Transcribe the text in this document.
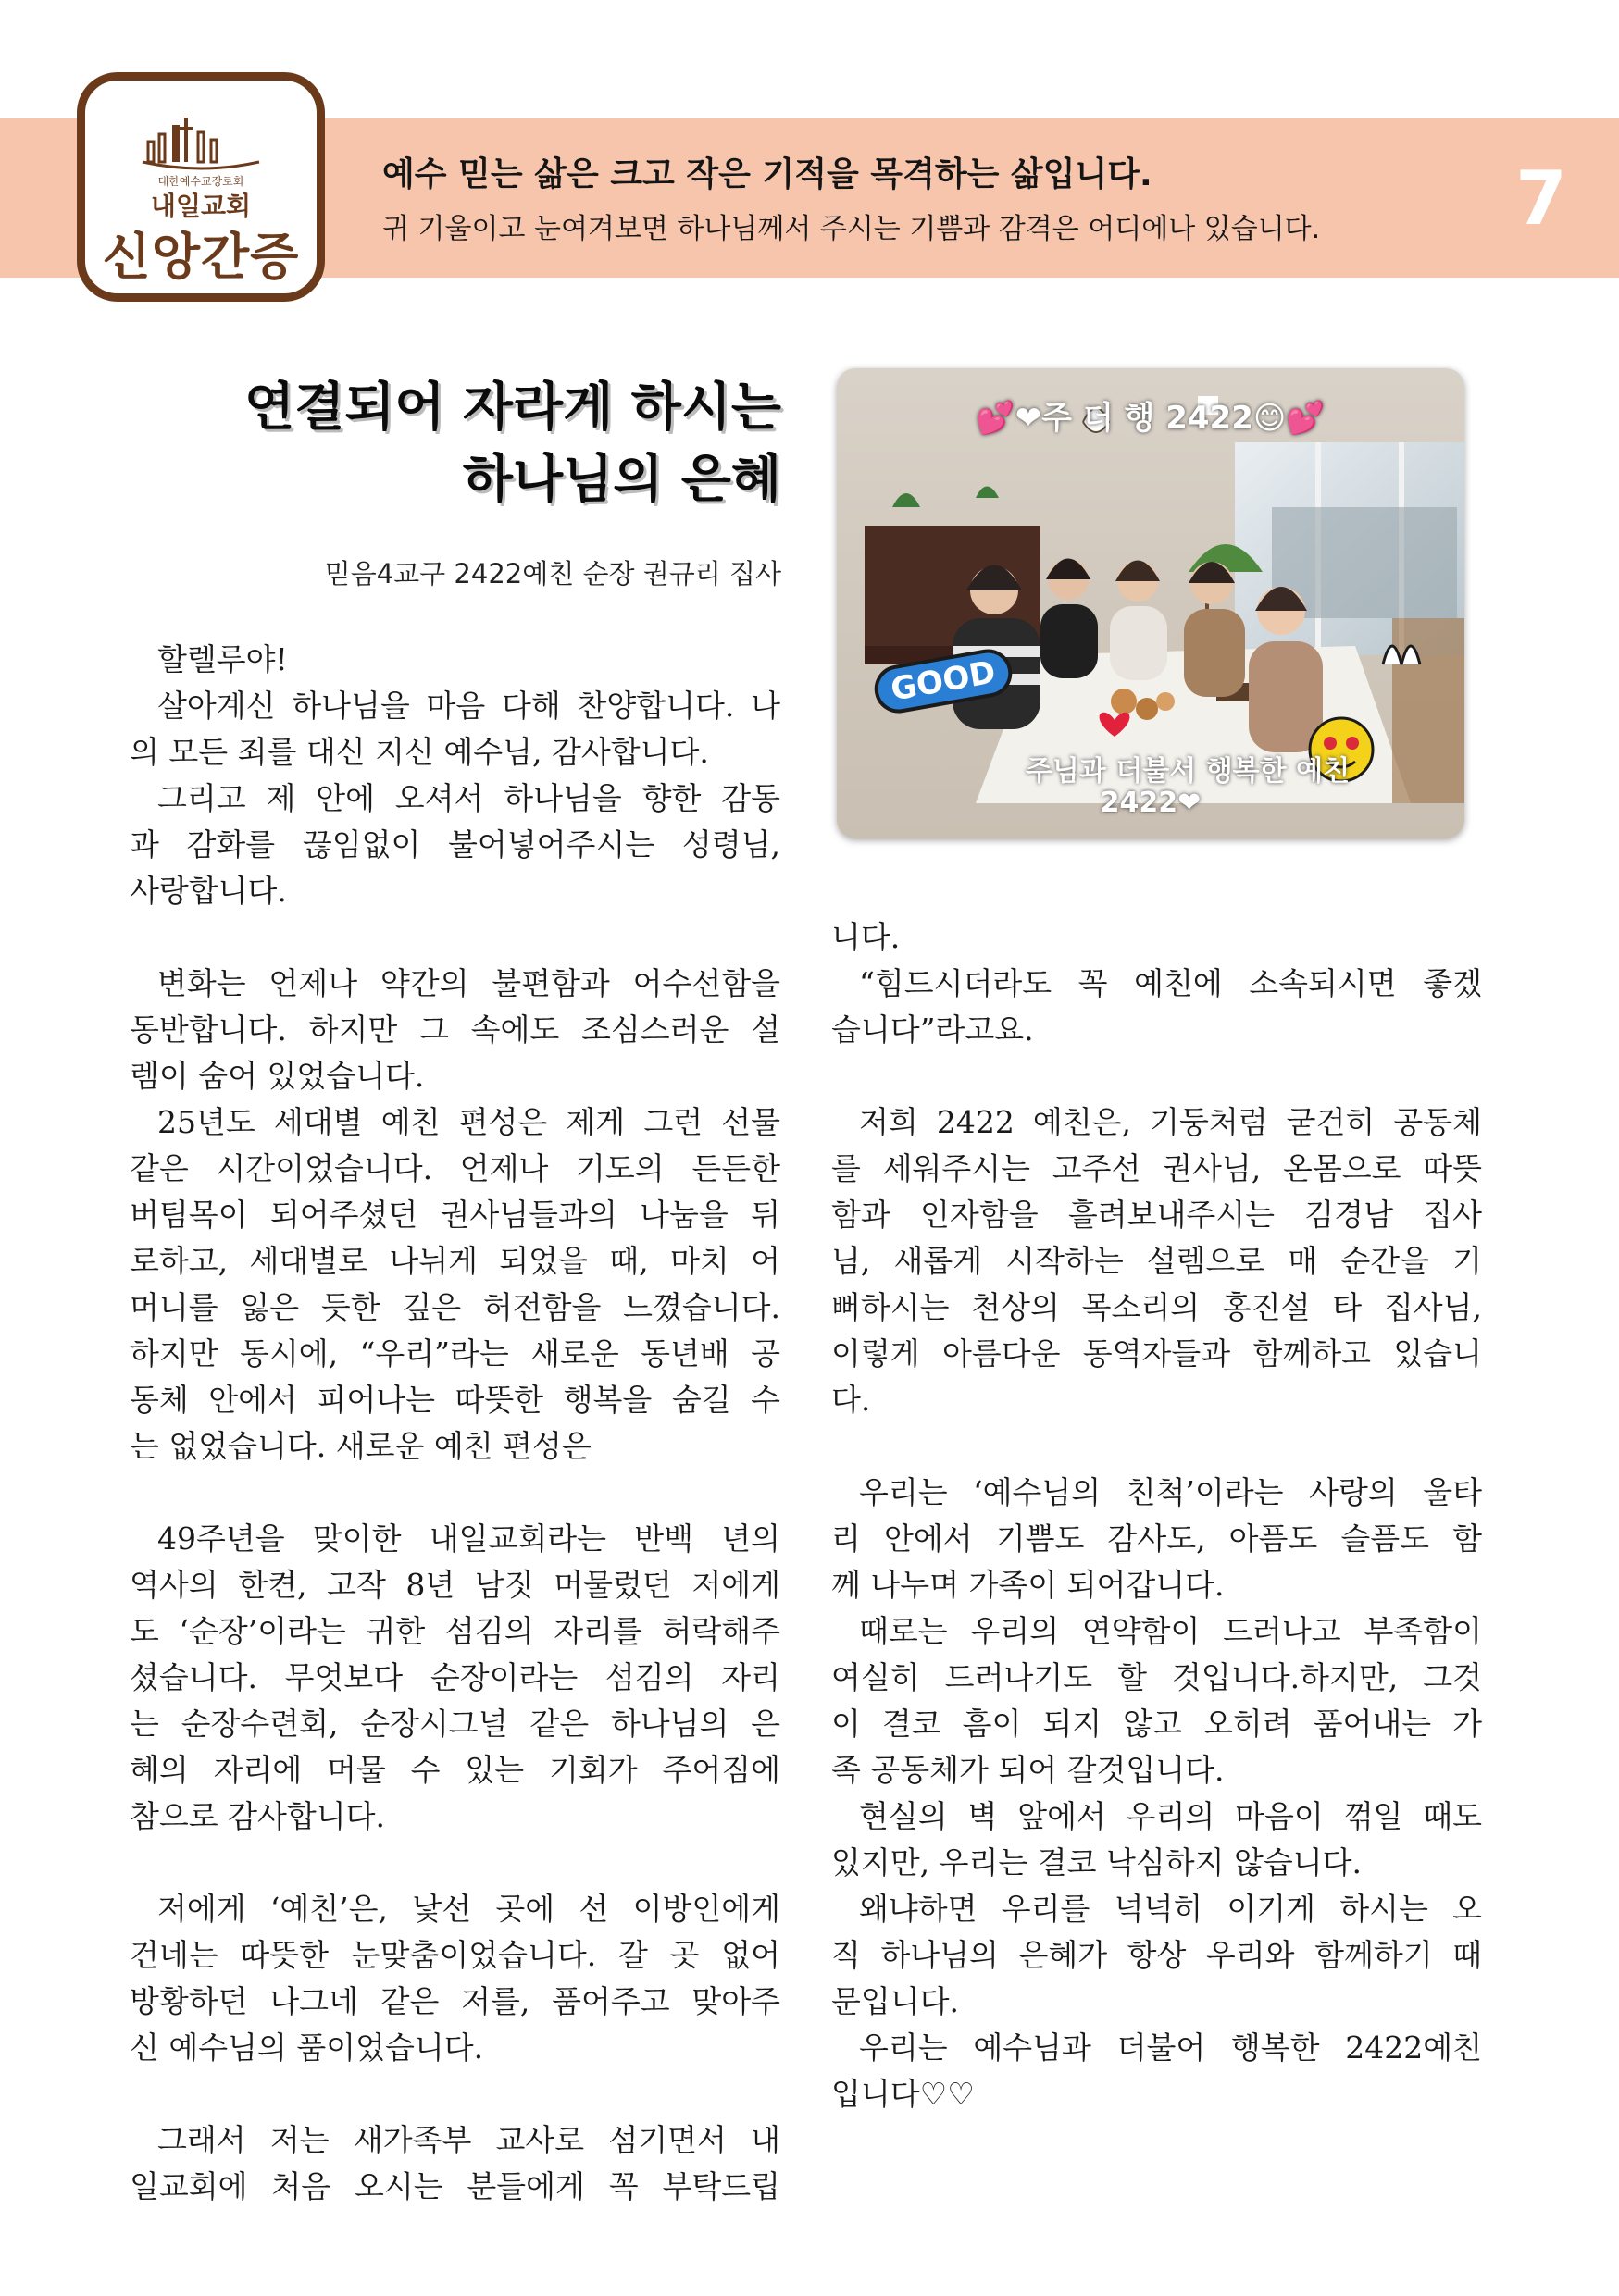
예수 믿는 삶은 크고 작은 기적을 목격하는 삶입니다.
귀 기울이고 눈여겨보면 하나님께서 주시는 기쁨과 감격은 어디에나 있습니다.	7
대한예수교장로회
내일교회
신앙간증
연결되어 자라게 하시는
하나님의 은혜
믿음4교구 2422예친 순장 권규리 집사
GOOD
💕❤주 더 행 2422😊💕
주님과 더불서 행복한 예친
2422❤
할렐루야!
살아계신 하나님을 마음 다해 찬양합니다. 나
의 모든 죄를 대신 지신 예수님, 감사합니다.
그리고 제 안에 오셔서 하나님을 향한 감동
과 감화를 끊임없이 불어넣어주시는 성령님,
사랑합니다.
변화는 언제나 약간의 불편함과 어수선함을
동반합니다. 하지만 그 속에도 조심스러운 설
렘이 숨어 있었습니다.
25년도 세대별 예친 편성은 제게 그런 선물
같은 시간이었습니다. 언제나 기도의 든든한
버팀목이 되어주셨던 권사님들과의 나눔을 뒤
로하고, 세대별로 나뉘게 되었을 때, 마치 어
머니를 잃은 듯한 깊은 허전함을 느꼈습니다.
하지만 동시에, “우리”라는 새로운 동년배 공
동체 안에서 피어나는 따뜻한 행복을 숨길 수
는 없었습니다. 새로운 예친 편성은
49주년을 맞이한 내일교회라는 반백 년의
역사의 한켠, 고작 8년 남짓 머물렀던 저에게
도 ‘순장’이라는 귀한 섬김의 자리를 허락해주
셨습니다. 무엇보다 순장이라는 섬김의 자리
는 순장수련회, 순장시그널 같은 하나님의 은
혜의 자리에 머물 수 있는 기회가 주어짐에
참으로 감사합니다.
저에게 ‘예친’은, 낯선 곳에 선 이방인에게
건네는 따뜻한 눈맞춤이었습니다. 갈 곳 없어
방황하던 나그네 같은 저를, 품어주고 맞아주
신 예수님의 품이었습니다.
그래서 저는 새가족부 교사로 섬기면서 내
일교회에 처음 오시는 분들에게 꼭 부탁드립
니다.
“힘드시더라도 꼭 예친에 소속되시면 좋겠
습니다”라고요.
저희 2422 예친은, 기둥처럼 굳건히 공동체
를 세워주시는 고주선 권사님, 온몸으로 따뜻
함과 인자함을 흘려보내주시는 김경남 집사
님, 새롭게 시작하는 설렘으로 매 순간을 기
뻐하시는 천상의 목소리의 홍진설 타 집사님,
이렇게 아름다운 동역자들과 함께하고 있습니
다.
우리는 ‘예수님의 친척’이라는 사랑의 울타
리 안에서 기쁨도 감사도, 아픔도 슬픔도 함
께 나누며 가족이 되어갑니다.
때로는 우리의 연약함이 드러나고 부족함이
여실히 드러나기도 할 것입니다.하지만, 그것
이 결코 흠이 되지 않고 오히려 품어내는 가
족 공동체가 되어 갈것입니다.
현실의 벽 앞에서 우리의 마음이 꺾일 때도
있지만, 우리는 결코 낙심하지 않습니다.
왜냐하면 우리를 넉넉히 이기게 하시는 오
직 하나님의 은혜가 항상 우리와 함께하기 때
문입니다.
우리는 예수님과 더불어 행복한 2422예친
입니다♡♡
